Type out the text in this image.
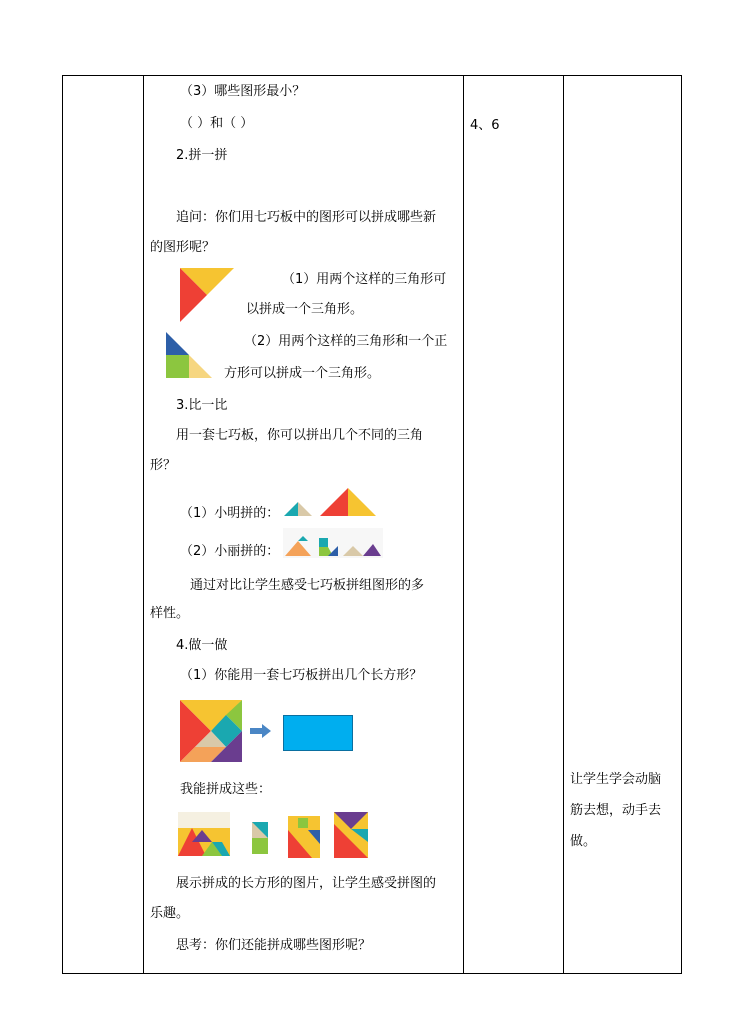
（3）哪些图形最小？
（ ）和（ ）
2.拼一拼
追问：你们用七巧板中的图形可以拼成哪些新
的图形呢？
（1）用两个这样的三角形可
以拼成一个三角形。
（2）用两个这样的三角形和一个正
方形可以拼成一个三角形。
3.比一比
用一套七巧板，你可以拼出几个不同的三角
形？
（1）小明拼的：
（2）小丽拼的：
通过对比让学生感受七巧板拼组图形的多
样性。
4.做一做
（1）你能用一套七巧板拼出几个长方形？
我能拼成这些：
展示拼成的长方形的图片，让学生感受拼图的
乐趣。
思考：你们还能拼成哪些图形呢？
4、6
让学生学会动脑
筋去想，动手去
做。
